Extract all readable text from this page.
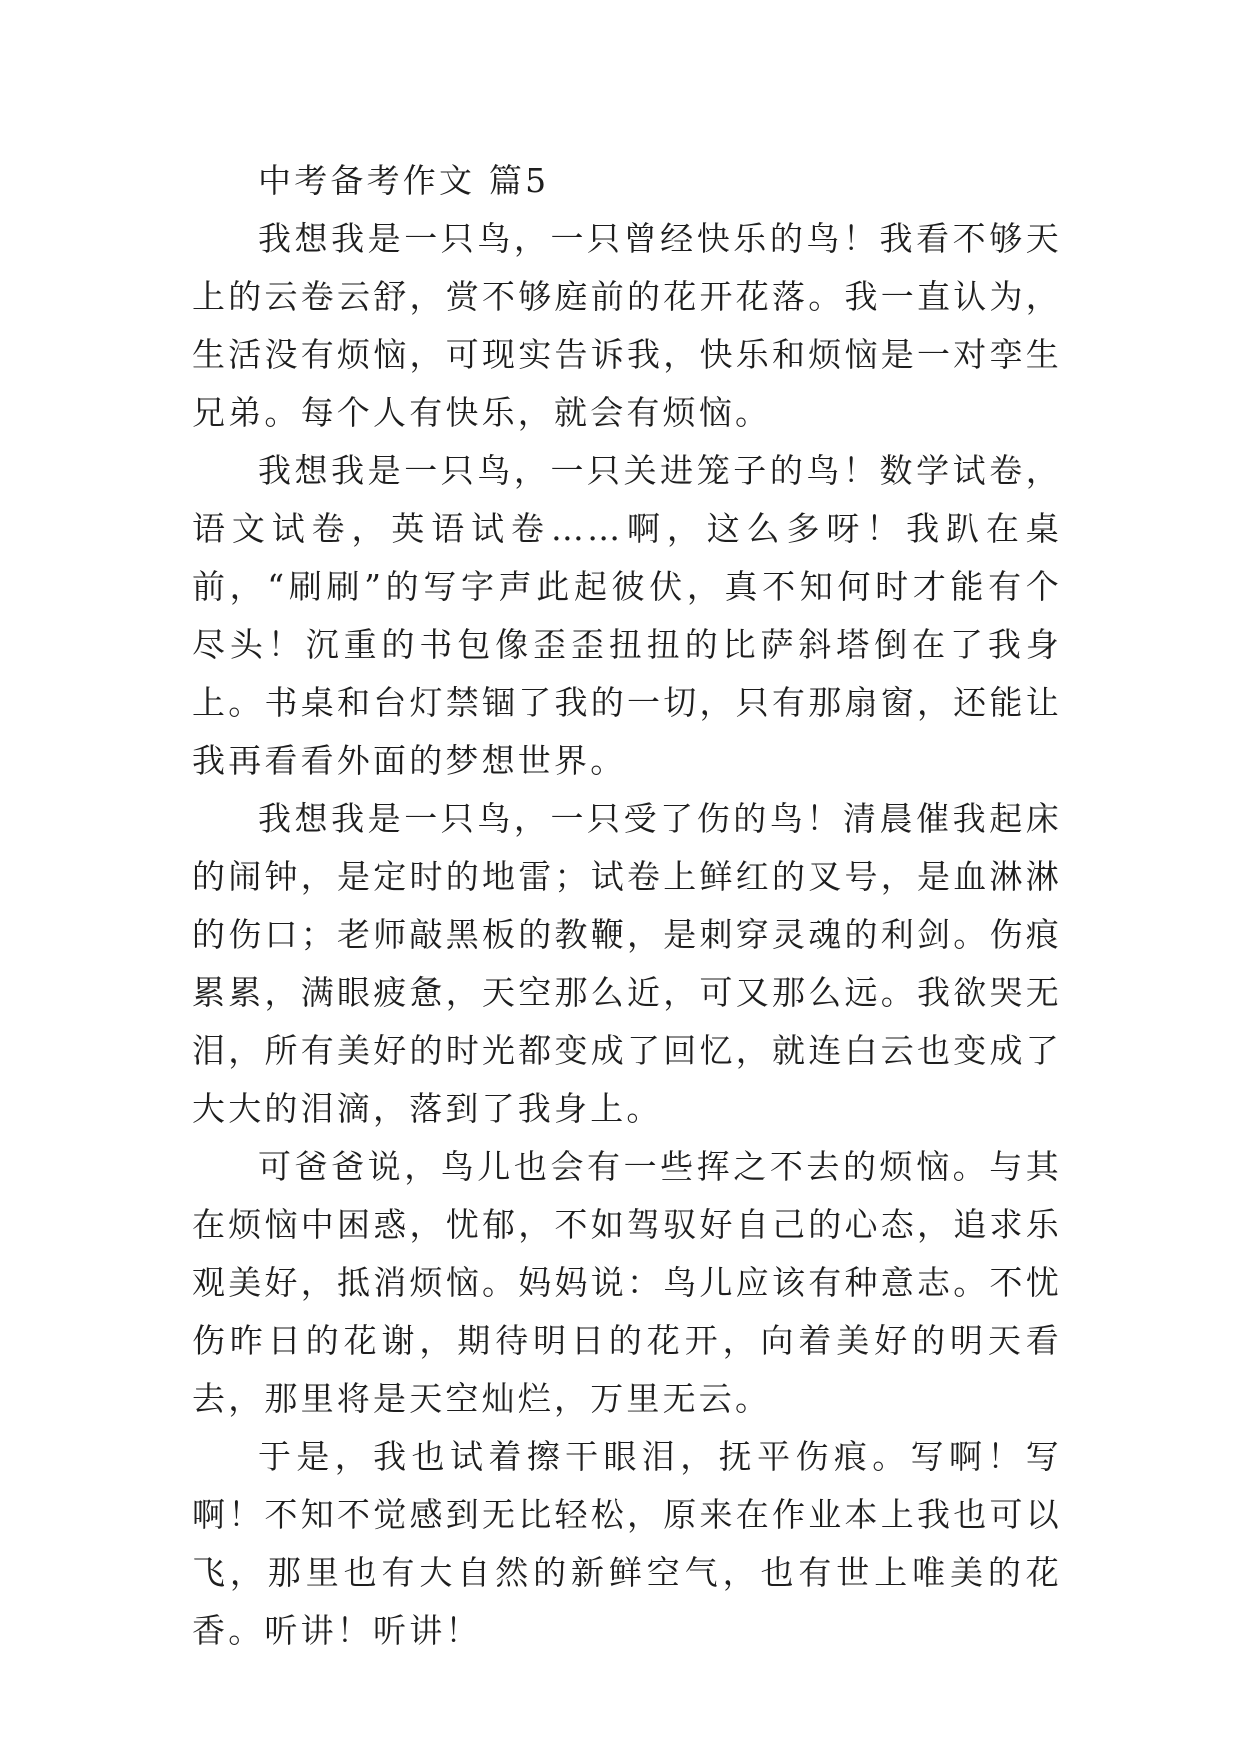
中考备考作文 篇5

我想我是一只鸟，一只曾经快乐的鸟！我看不够天上的云卷云舒，赏不够庭前的花开花落。我一直认为，生活没有烦恼，可现实告诉我，快乐和烦恼是一对孪生兄弟。每个人有快乐，就会有烦恼。

我想我是一只鸟，一只关进笼子的鸟！数学试卷，语文试卷，英语试卷……啊，这么多呀！我趴在桌前，“刷刷”的写字声此起彼伏，真不知何时才能有个尽头！沉重的书包像歪歪扭扭的比萨斜塔倒在了我身上。书桌和台灯禁锢了我的一切，只有那扇窗，还能让我再看看外面的梦想世界。

我想我是一只鸟，一只受了伤的鸟！清晨催我起床的闹钟，是定时的地雷；试卷上鲜红的叉号，是血淋淋的伤口；老师敲黑板的教鞭，是刺穿灵魂的利剑。伤痕累累，满眼疲惫，天空那么近，可又那么远。我欲哭无泪，所有美好的时光都变成了回忆，就连白云也变成了大大的泪滴，落到了我身上。

可爸爸说，鸟儿也会有一些挥之不去的烦恼。与其在烦恼中困惑，忧郁，不如驾驭好自己的心态，追求乐观美好，抵消烦恼。妈妈说：鸟儿应该有种意志。不忧伤昨日的花谢，期待明日的花开，向着美好的明天看去，那里将是天空灿烂，万里无云。

于是，我也试着擦干眼泪，抚平伤痕。写啊！写啊！不知不觉感到无比轻松，原来在作业本上我也可以飞，那里也有大自然的新鲜空气，也有世上唯美的花香。听讲！听讲！
